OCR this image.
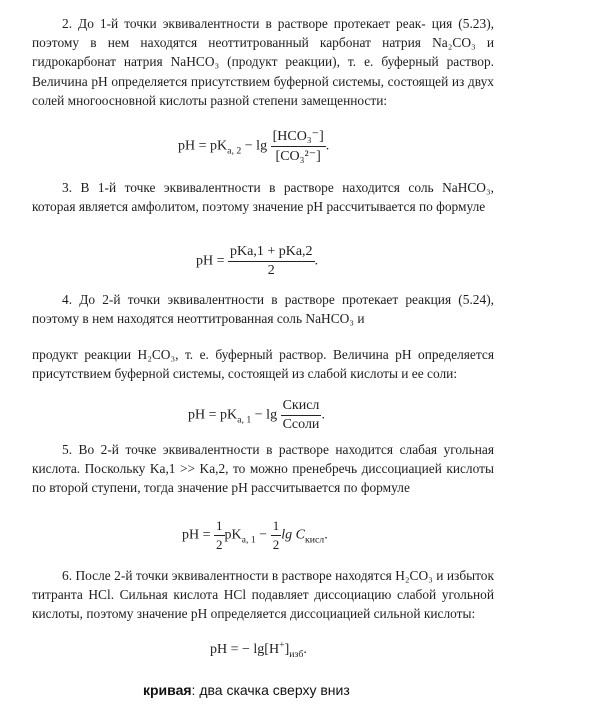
2. До 1-й точки эквивалентности в растворе протекает реак- ция (5.23), поэтому в нем находятся неоттитрованный карбонат натрия Na₂CO₃ и гидрокарбонат натрия NaHCO₃ (продукт реакции), т. е. буферный раствор. Величина pH определяется присутствием буферной системы, состоящей из двух солей многоосновной кислоты разной степени замещенности:

pH = $pK_{a, 2} - \lg \frac{\text{[HCO₃⁻]}}{\text{[CO₃²⁻]}}$ .

3. В 1-й точке эквивалентности в растворе находится соль NaHCO₃, которая является амфолитом, поэтому значение pH рассчитывается по формуле

pH = $\frac{\text{pKa,1 + pKa,2}}{2}$ .

4. До 2-й точки эквивалентности в растворе протекает реакция (5.24), поэтому в нем находятся неоттитрованная соль NaHCO₃ и

продукт реакции H₂CO₃, т. е. буферный раствор. Величина pH определяется присутствием буферной системы, состоящей из слабой кислоты и ее соли:

pH = $pK_{a, 1} - \lg \frac{\text{Cкисл}}{\text{Cсоли}}$ .

5. Во 2-й точке эквивалентности в растворе находится слабая угольная кислота. Поскольку Ka,1 >> Ka,2, то можно пренебречь диссоциацией кислоты по второй ступени, тогда значение pH рассчитывается по формуле

pH = $\frac{1}{2} pK_{a, 1} - \frac{1}{2}$ $\lg C_{кисл}$.

6. После 2-й точки эквивалентности в растворе находятся H₂CO₃ и избыток титранта HCl. Сильная кислота HCl подавляет диссоциацию слабой угольной кислоты, поэтому значение pH определяется диссоциацией сильной кислоты:

pH = − $\lg[H^+]_{изб}$.
кривая: два скачка сверху вниз
